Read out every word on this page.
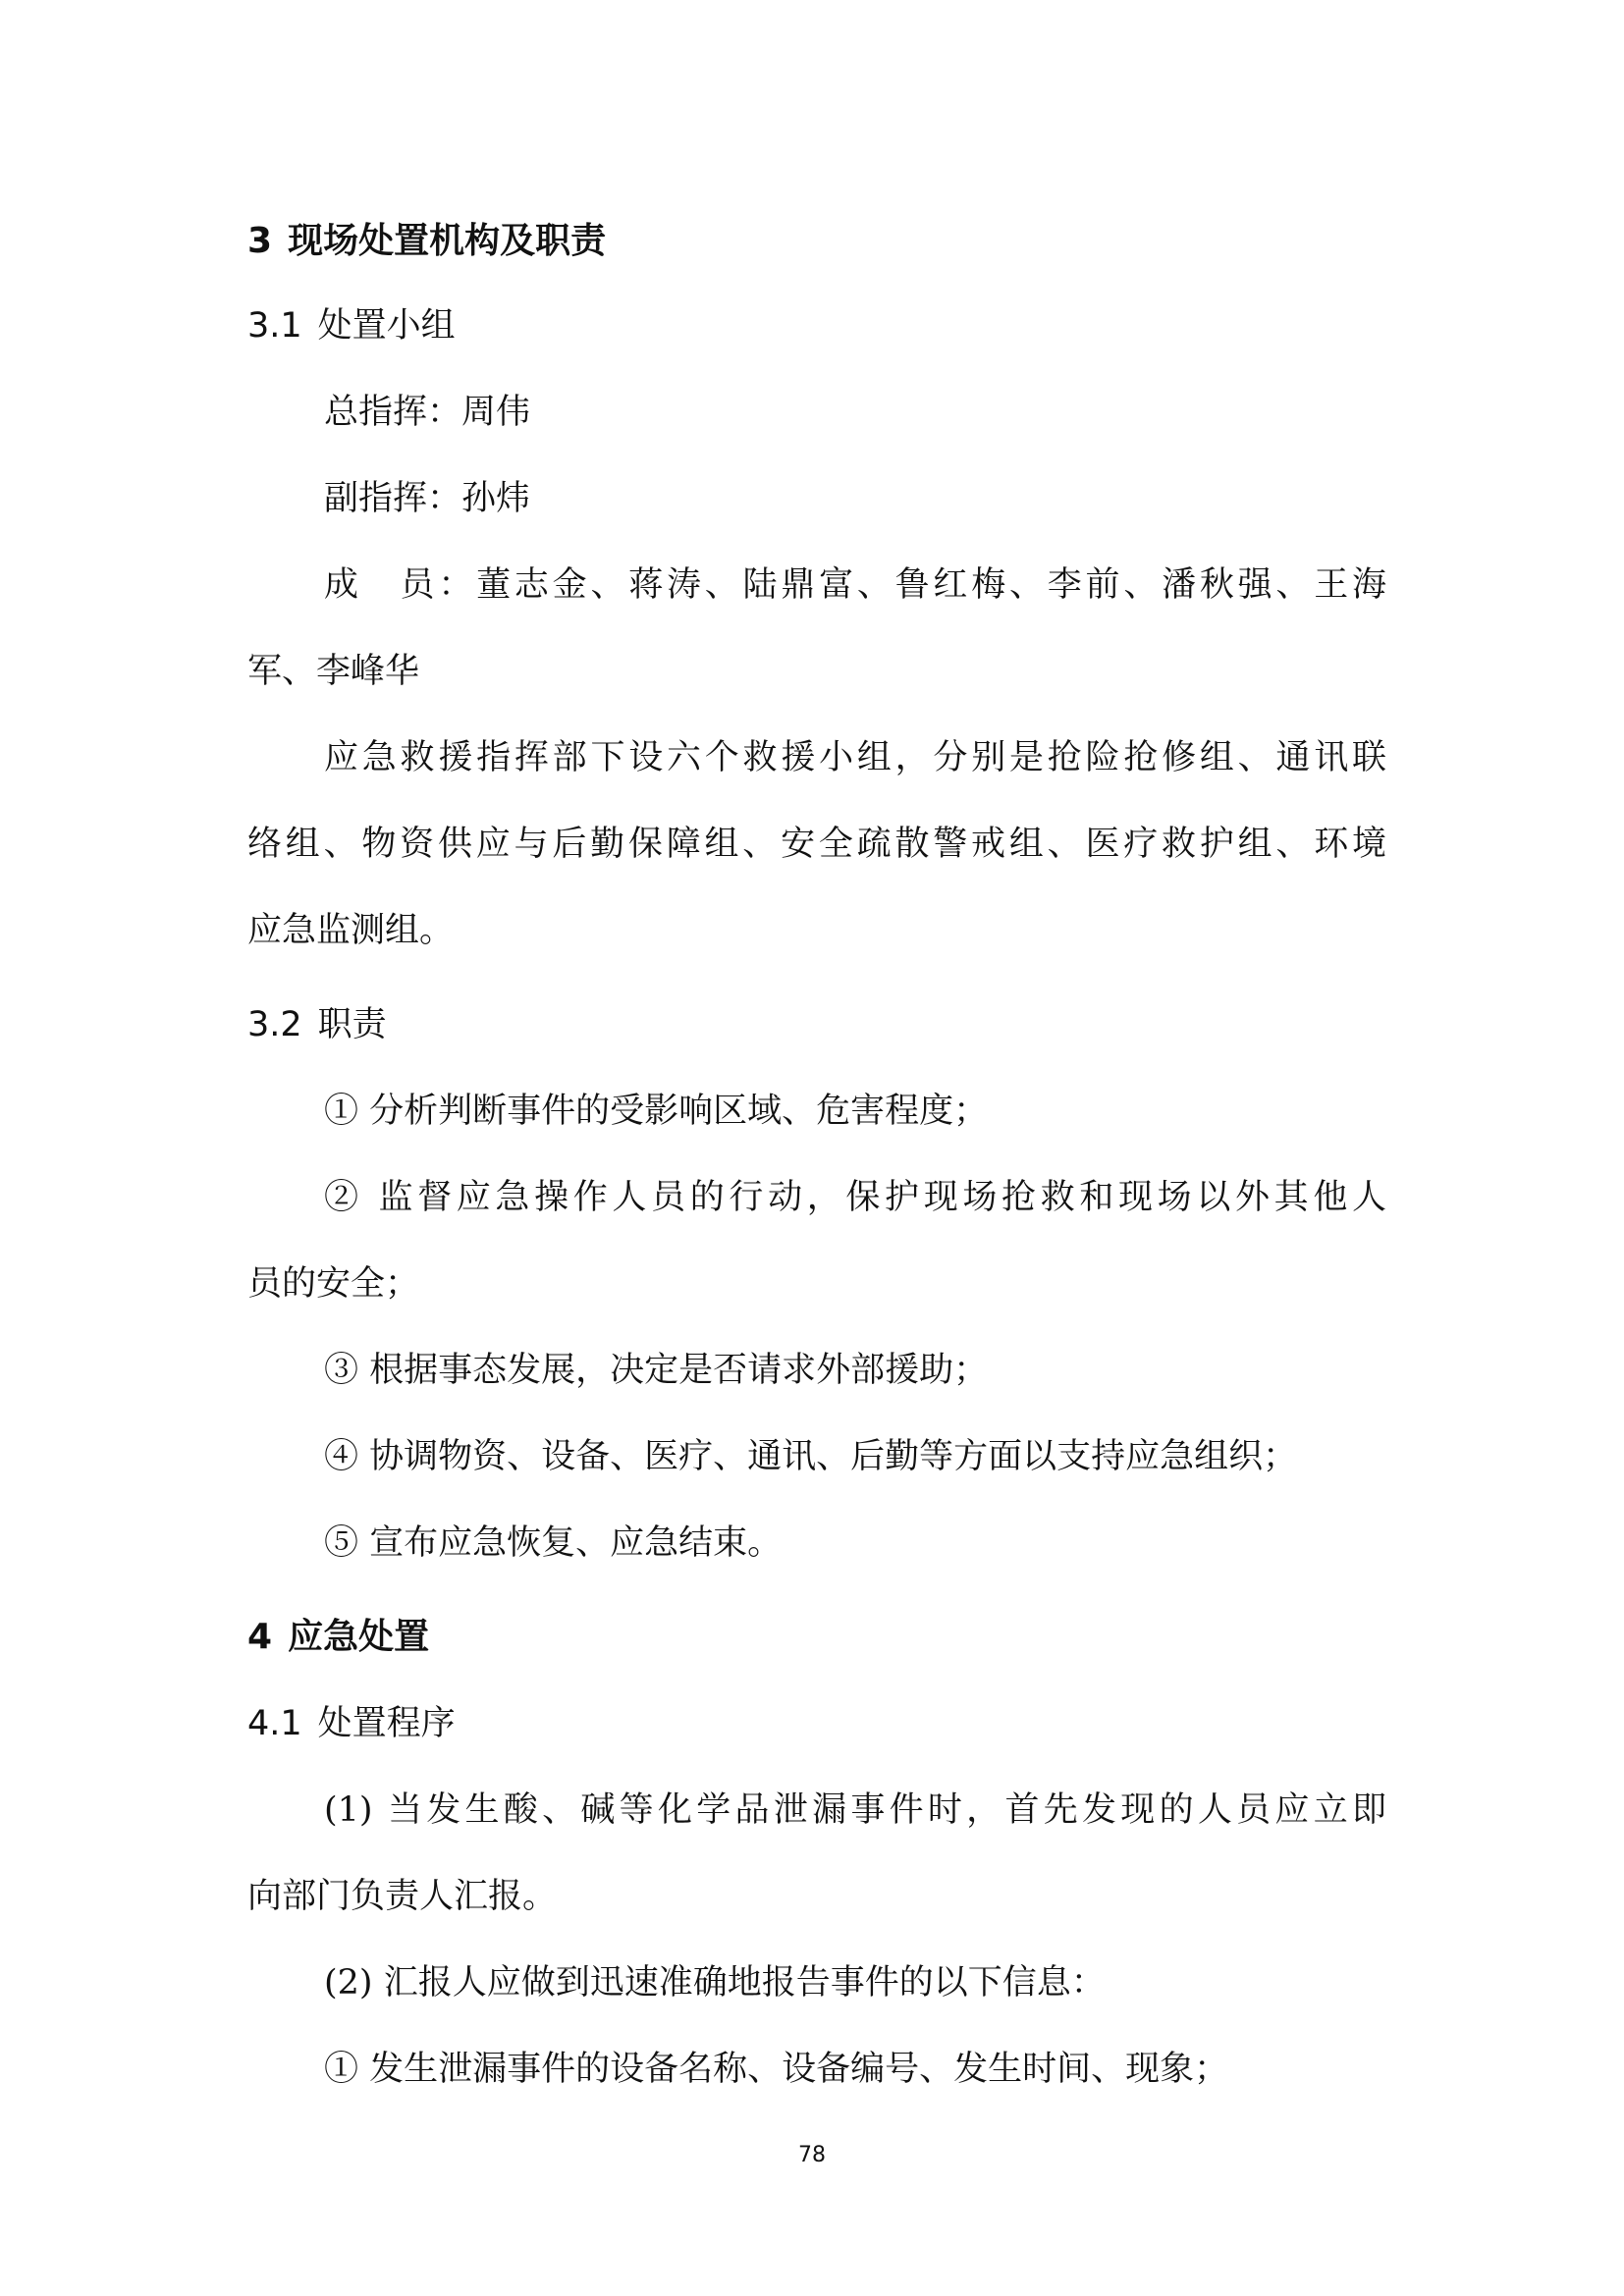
3 现场处置机构及职责
3.1 处置小组
总指挥：周伟
副指挥：孙炜
成　员：董志金、蒋涛、陆鼎富、鲁红梅、李前、潘秋强、王海
军、李峰华
应急救援指挥部下设六个救援小组，分别是抢险抢修组、通讯联
络组、物资供应与后勤保障组、安全疏散警戒组、医疗救护组、环境
应急监测组。
3.2 职责
① 分析判断事件的受影响区域、危害程度；
② 监督应急操作人员的行动，保护现场抢救和现场以外其他人
员的安全；
③ 根据事态发展，决定是否请求外部援助；
④ 协调物资、设备、医疗、通讯、后勤等方面以支持应急组织；
⑤ 宣布应急恢复、应急结束。
4 应急处置
4.1 处置程序
(1) 当发生酸、碱等化学品泄漏事件时，首先发现的人员应立即
向部门负责人汇报。
(2) 汇报人应做到迅速准确地报告事件的以下信息：
① 发生泄漏事件的设备名称、设备编号、发生时间、现象；
78
